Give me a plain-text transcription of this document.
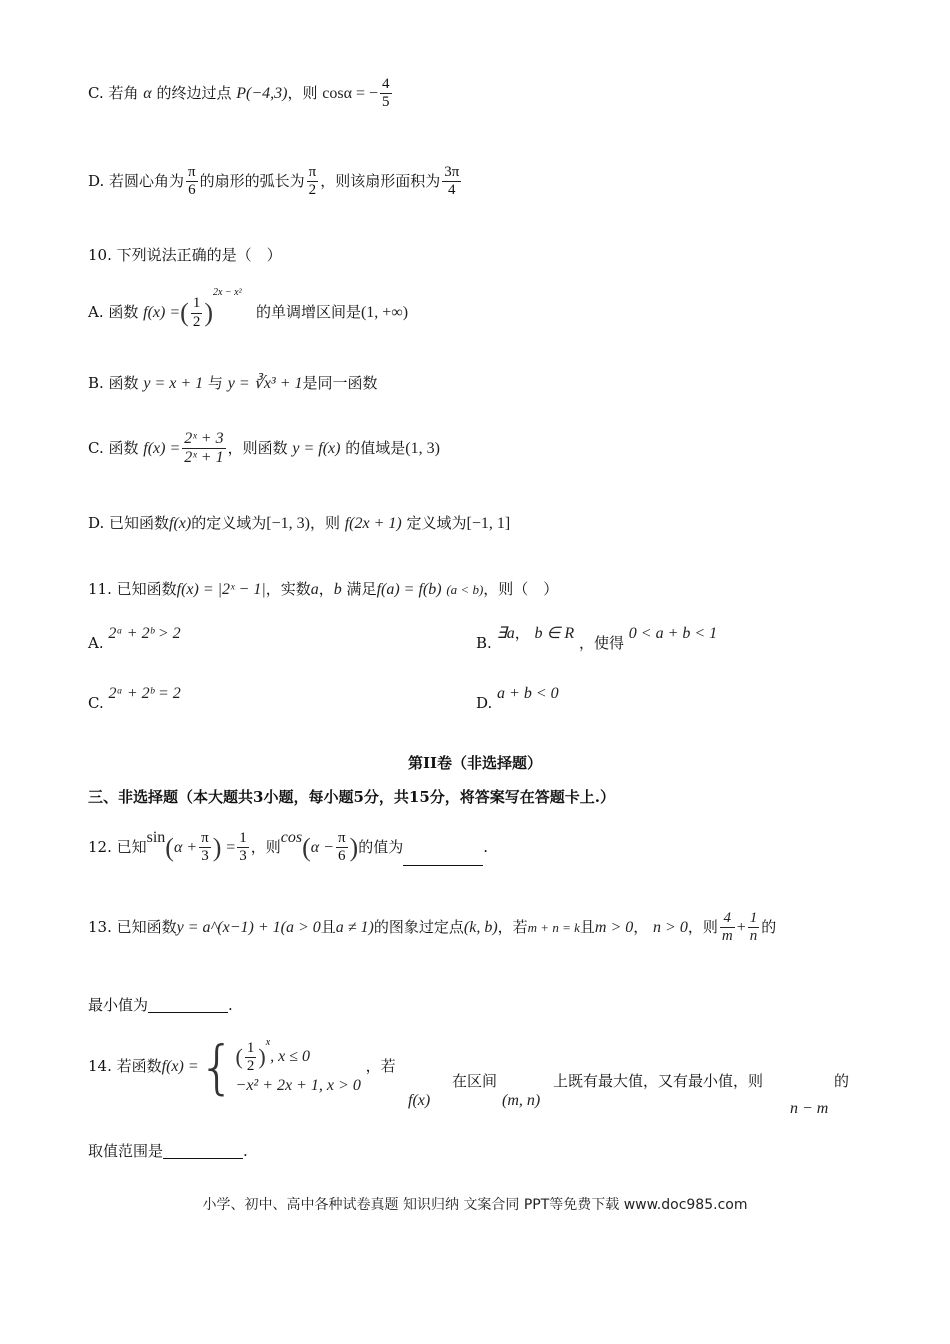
C. 若角 α 的终边过点 P(−4,3)，则 cosα = − $\frac{4}{5}$
D. 若圆心角为 $\frac{\pi}{6}$ 的扇形的弧长为 $\frac{\pi}{2}$ ，则该扇形面积为 $\frac{3\pi}{4}$
10. 下列说法正确的是（　）
A. 函数 f(x) =( $\frac{1}{2} )^{2x - x^2}$   的单调增区间是(1, +∞)
B. 函数 y = x + 1 与 y = ∛x³ + 1是同一函数
C. 函数 $f(x) = \frac{\text{2ˣ + 3}}{\text{2ˣ + 1}}$ ，则函数 y = f(x) 的值域是(1, 3)
D. 已知函数f(x)的定义域为[−1, 3)，则 f(2x + 1) 定义域为[−1, 1]
11. 已知函数f(x) = |2ˣ − 1|，实数a，b 满足f(a) = f(b) (a < b)，则（　）
A. 2ᵃ + 2ᵇ > 2
B. ∃a， b ∈ R ，使得 0 < a + b < 1
C. 2ᵃ + 2ᵇ = 2
D. a + b < 0
第II卷（非选择题）
三、非选择题（本大题共3小题，每小题5分，共15分，将答案写在答题卡上.）
12. 已知$\sin(\alpha + \frac{\pi}{3}$ ) = $\frac{1}{3}$ ，则$\cos(\alpha - \frac{\pi}{6}$ )的值为	.
13. 已知函数y = a^(x−1) + 1(a > 0且a ≠ 1)的图象过定点(k, b)，若m + n = k且m > 0， n > 0，则 $\frac{4}{m} + \frac{1}{n}$ 的
最小值为	.
14. 若函数f(x) ={ ( $\frac{1}{2} )^x$, x ≤ 0
−x² + 2x + 1, x > 0
，若
f(x)
在区间
(m, n)
上既有最大值，又有最小值，则
n − m
的
取值范围是	.
小学、初中、高中各种试卷真题 知识归纳 文案合同 PPT等免费下载 www.doc985.com
